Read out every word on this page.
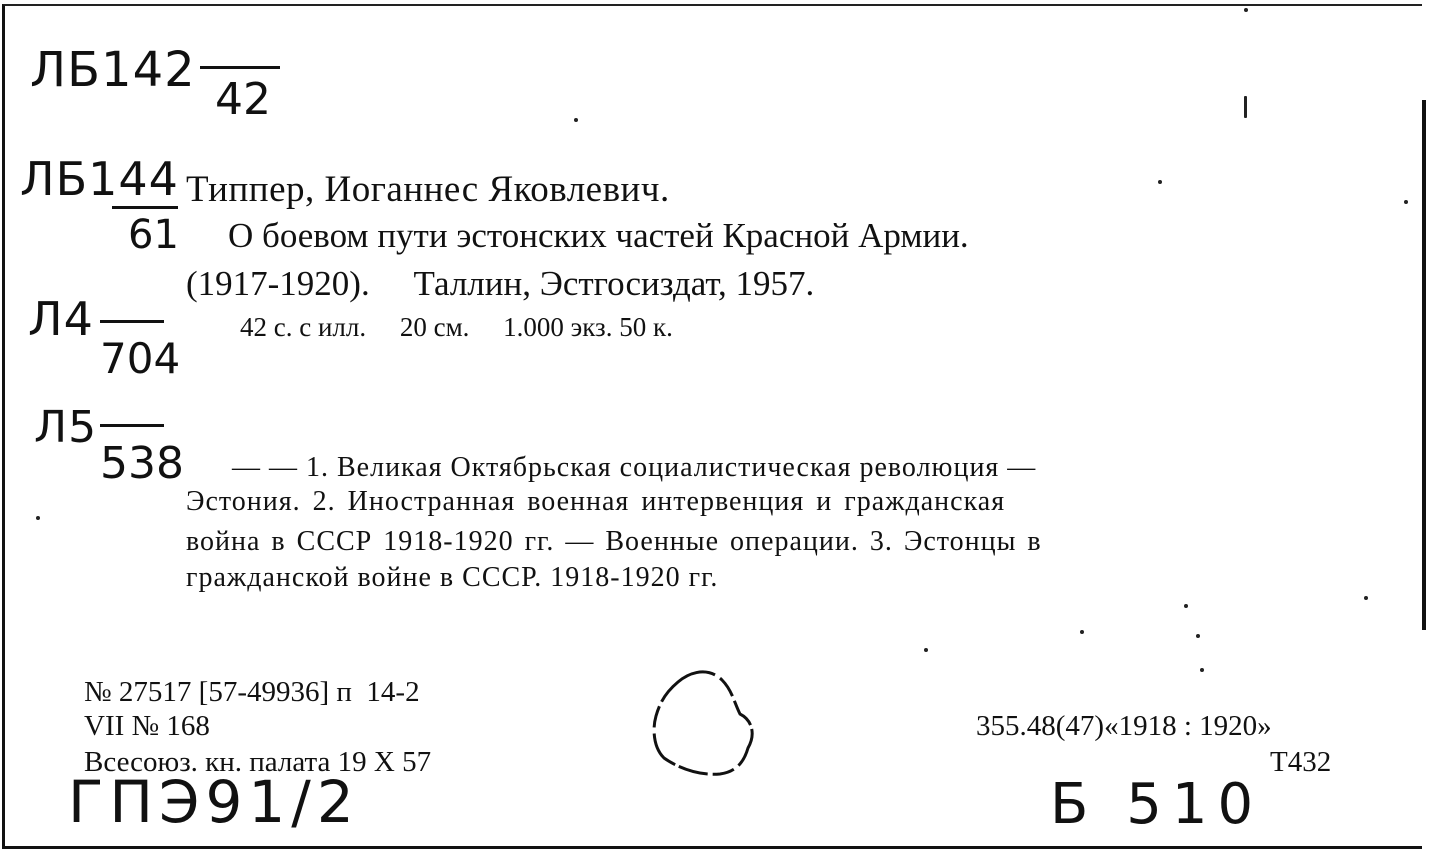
ЛБ142
42
ЛБ144
61
Л4
704
Л5
538
Типпер, Иоганнес Яковлевич.
О боевом пути эстонских частей Красной Армии.
(1917-1920).     Таллин, Эстгосиздат, 1957.
42 с. с илл.     20 см.     1.000 экз. 50 к.
— — 1. Великая Октябрьская социалистическая революция —
Эстония. 2. Иностранная военная интервенция и гражданская
война в СССР 1918-1920 гг. — Военные операции. 3. Эстонцы в
гражданской войне в СССР. 1918-1920 гг.
№ 27517 [57-49936] п  14-2
VII № 168
Всесоюз. кн. палата 19 X 57
355.48(47)«1918 : 1920»
Т432
ГПЭ91/2	Б 510
